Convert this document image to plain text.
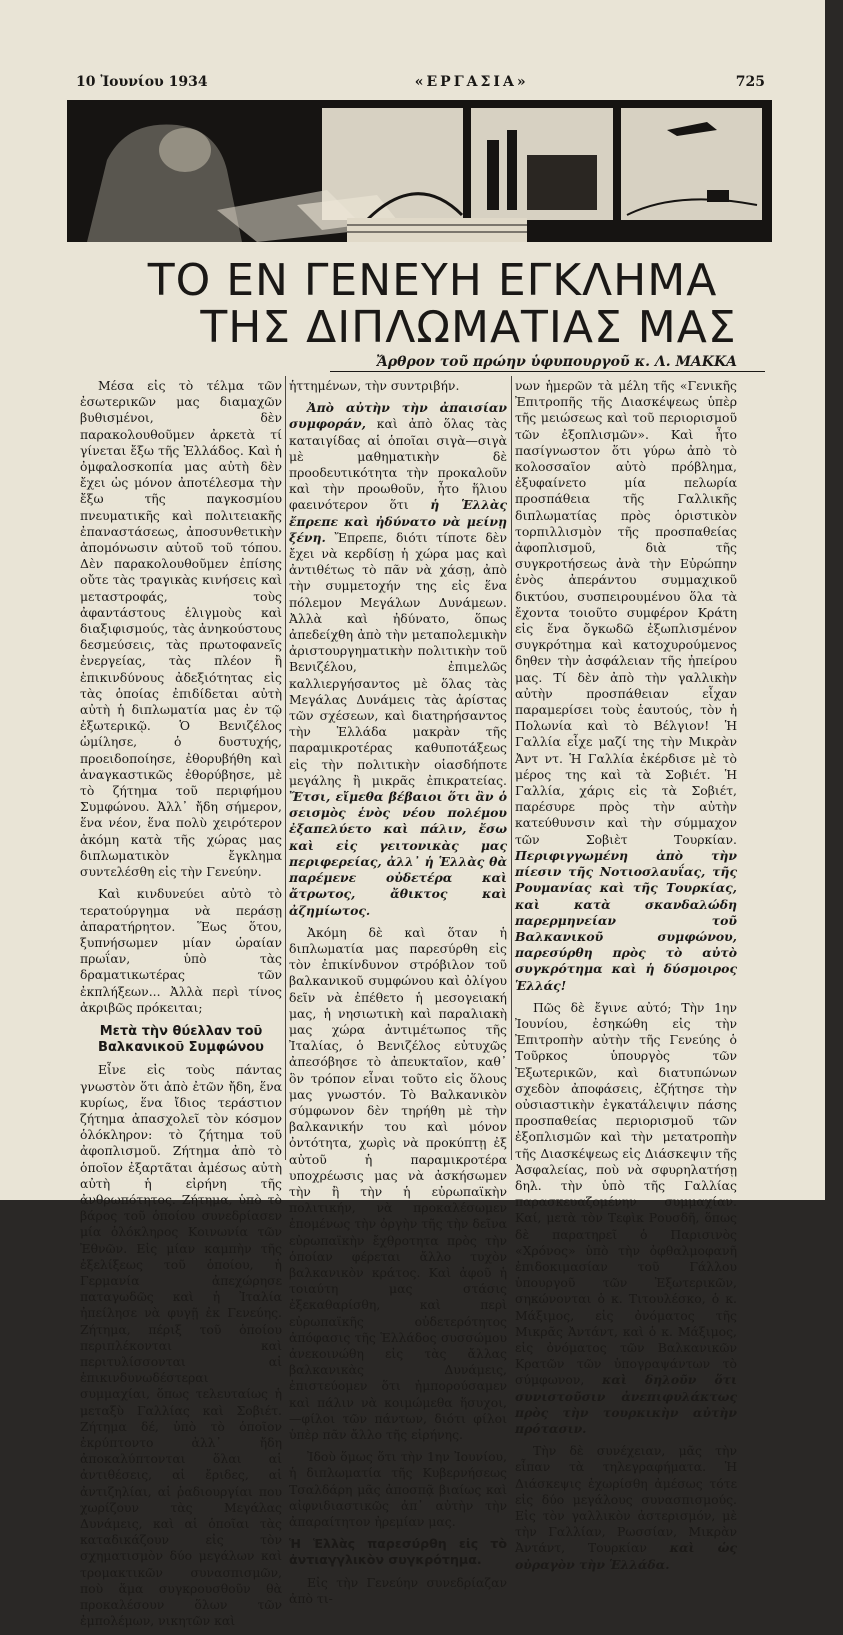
10 Ἰουνίου 1934	«ΕΡΓΑΣΙΑ»	725
ΤΟ ΕΝ ΓΕΝΕΥΗ ΕΓΚΛΗΜΑ
ΤΗΣ ΔΙΠΛΩΜΑΤΙΑΣ ΜΑΣ
Ἄρθρον τοῦ πρώην ὑφυπουργοῦ κ. Λ. ΜΑΚΚΑ

Μέσα εἰς τὸ τέλμα τῶν ἐσωτερικῶν μας διαμαχῶν βυθισμένοι, δὲν παρακολουθοῦμεν ἀρκετὰ τί γίνεται ἔξω τῆς Ἑλλάδος. Καὶ ἡ ὀμφαλοσκοπία μας αὐτὴ δὲν ἔχει ὡς μόνον ἀποτέλεσμα τὴν ἔξω τῆς παγκοσμίου πνευματικῆς καὶ πολιτειακῆς ἐπαναστάσεως, ἀποσυνθετικὴν ἀπομόνωσιν αὐτοῦ τοῦ τόπου. Δὲν παρακολουθοῦμεν ἐπίσης οὔτε τὰς τραγικὰς κινήσεις καὶ μεταστροφάς, τοὺς ἀφαντάστους ἑλιγμοὺς καὶ διαξιφισμούς, τὰς ἀνηκούστους δεσμεύσεις, τὰς πρωτοφανεῖς ἐνεργείας, τὰς πλέον ἢ ἐπικινδύνους ἀδεξιότητας εἰς τὰς ὁποίας ἐπιδίδεται αὐτὴ αὐτὴ ἡ διπλωματία μας ἐν τῷ ἐξωτερικῷ. Ὁ Βενιζέλος ὡμίλησε, ὁ δυστυχής, προειδοποίησε, ἐθορυβήθη καὶ ἀναγκαστικῶς ἐθορύβησε, μὲ τὸ ζήτημα τοῦ περιφήμου Συμφώνου. Ἀλλ᾽ ἤδη σήμερον, ἕνα νέον, ἕνα πολὺ χειρότερον ἀκόμη κατὰ τῆς χώρας μας διπλωματικὸν ἔγκλημα συντελέσθη εἰς τὴν Γενεύην.

Καὶ κινδυνεύει αὐτὸ τὸ τερατούργημα νὰ περάσῃ ἀπαρατήρητον. Ἕως ὅτου, ξυπνήσωμεν μίαν ὡραίαν πρωΐαν, ὑπὸ τὰς δραματικωτέρας τῶν ἐκπλήξεων... Ἀλλὰ περὶ τίνος ἀκριβῶς πρόκειται;

Μετὰ τὴν θύελλαν τοῦ Βαλκανικοῦ Συμφώνου

Εἶνε εἰς τοὺς πάντας γνωστὸν ὅτι ἀπὸ ἐτῶν ἤδη, ἕνα κυρίως, ἕνα ἴδιος τεράστιον ζήτημα ἀπασχολεῖ τὸν κόσμον ὁλόκληρον: τὸ ζήτημα τοῦ ἀφοπλισμοῦ. Ζήτημα ἀπὸ τὸ ὁποῖον ἐξαρτᾶται ἀμέσως αὐτὴ αὐτὴ ἡ εἰρήνη τῆς ἀνθρωπότητος. Ζήτημα, ὑπὸ τὸ βάρος τοῦ ὁποίου συνεδρίασεν μία ὁλόκληρος Κοινωνία τῶν Ἐθνῶν. Εἰς μίαν καμπὴν τῆς ἐξελίξεως τοῦ ὁποίου, ἡ Γερμανία ἀπεχώρησε παταγωδῶς καὶ ἡ Ἰταλία ἠπείλησε νὰ φυγῇ ἐκ Γενεύης. Ζήτημα, πέριξ τοῦ ὁποίου περιπλέκονται καὶ περιτυλίσσονται αἱ ἐπικινδυνωδέστεραι συμμαχίαι, ὅπως τελευταίως ἡ μεταξὺ Γαλλίας καὶ Σοβιέτ. Ζήτημα δέ, ὑπὸ τὸ ὁποῖον ἐκρύπτοντο ἀλλ᾽ ἤδη ἀποκαλύπτονται ὅλαι αἱ ἀντιθέσεις, αἱ ἔριδες, αἱ ἀντιζηλίαι, αἱ ῥαδιουργίαι που χωρίζουν τὰς Μεγάλας Δυνάμεις, καὶ αἱ ὁποῖαι τὰς καταδικάζουν εἰς τὸν σχηματισμὸν δύο μεγάλων καὶ τρομακτικῶν συνασπισμῶν, ποὺ ἅμα συγκρουσθοῦν θὰ προκαλέσουν ὅλων τῶν ἐμπολέμων, νικητῶν καὶ

ἡττημένων, τὴν συντριβήν.

Ἀπὸ αὐτὴν τὴν ἀπαισίαν συμφοράν, καὶ ἀπὸ ὅλας τὰς καταιγίδας αἱ ὁποῖαι σιγὰ—σιγὰ μὲ μαθηματικὴν δὲ προοδευτικότητα τὴν προκαλοῦν καὶ τὴν προωθοῦν, ἦτο ἥλιου φαεινότερον ὅτι ἡ Ἑλλὰς ἔπρεπε καὶ ἠδύνατο νὰ μείνῃ ξένη. Ἔπρεπε, διότι τίποτε δὲν ἔχει νὰ κερδίσῃ ἡ χώρα μας καὶ ἀντιθέτως τὸ πᾶν νὰ χάσῃ, ἀπὸ τὴν συμμετοχήν της εἰς ἕνα πόλεμον Μεγάλων Δυνάμεων. Ἀλλὰ καὶ ἠδύνατο, ὅπως ἀπεδείχθη ἀπὸ τὴν μεταπολεμικὴν ἀριστουργηματικὴν πολιτικὴν τοῦ Βενιζέλου, ἐπιμελῶς καλλιεργήσαντος μὲ ὅλας τὰς Μεγάλας Δυνάμεις τὰς ἀρίστας τῶν σχέσεων, καὶ διατηρήσαντος τὴν Ἑλλάδα μακρὰν τῆς παραμικροτέρας καθυποτάξεως εἰς τὴν πολιτικὴν οἱασδήποτε μεγάλης ἢ μικρᾶς ἐπικρατείας. Ἔτσι, εἴμεθα βέβαιοι ὅτι ἂν ὁ σεισμὸς ἑνὸς νέου πολέμου ἐξαπελύετο καὶ πάλιν, ἔσω καὶ εἰς γειτονικὰς μας περιφερείας, ἀλλ᾽ ἡ Ἑλλὰς θὰ παρέμενε οὐδετέρα καὶ ἄτρωτος, ἄθικτος καὶ ἀζημίωτος.

Ἀκόμη δὲ καὶ ὅταν ἡ διπλωματία μας παρεσύρθη εἰς τὸν ἐπικίνδυνον στρόβιλον τοῦ βαλκανικοῦ συμφώνου καὶ ὀλίγου δεῖν νὰ ἐπέθετο ἡ μεσογειακή μας, ἡ νησιωτικὴ καὶ παραλιακὴ μας χώρα ἀντιμέτωπος τῆς Ἰταλίας, ὁ Βενιζέλος εὐτυχῶς ἀπεσόβησε τὸ ἀπευκταῖον, καθ᾽ ὃν τρόπον εἶναι τοῦτο εἰς ὅλους μας γνωστόν. Τὸ Βαλκανικὸν σύμφωνον δὲν τηρήθη μὲ τὴν βαλκανικήν του καὶ μόνον ὀντότητα, χωρὶς νὰ προκύπτῃ ἐξ αὐτοῦ ἡ παραμικροτέρα υποχρέωσις μας νὰ ἀσκήσωμεν τὴν ἢ τὴν ἡ εὐρωπαϊκὴν πολιτικήν, νὰ προκαλέσωμεν ἐπομένως τὴν ὀργὴν τῆς τὴν δεῖνα εὐρωπαϊκὴν ἔχθροτητα πρὸς τὴν ὁποίαν φέρεται ἄλλο τυχὸν βαλκανικὸν κράτος. Καὶ ἀφοῦ ἡ τοιαύτη μας στάσις ἐξεκαθαρίσθη, καὶ περὶ εὐρωπαϊκῆς οὐδετερότητος ἀπόφασις τῆς Ἑλλάδος συσσώμου ἀνεκοινώθη εἰς τὰς ἄλλας βαλκανικὰς Δυνάμεις, ἐπιστεύομεν ὅτι ἠμπορούσαμεν καὶ πάλιν νὰ κοιμώμεθα ἥσυχοι, —φίλοι τῶν πάντων, διότι φίλοι ὑπὲρ πᾶν ἄλλο τῆς εἰρήνης.

Ἰδοὺ ὅμως ὅτι τὴν 1ην Ἰουνίου, ἡ διπλωματία τῆς Κυβερνήσεως Τσαλδάρη μᾶς ἀποσπᾷ βιαίως καὶ αἰφνιδιαστικῶς ἀπ᾽ αὐτὴν τὴν ἀπαραίτητον ἠρεμίαν μας.

Ἡ Ἑλλὰς παρεσύρθη εἰς τὸ ἀντιαγγλικὸν συγκρότημα.

Εἰς τὴν Γενεύην συνεδρίαζαν ἀπὸ τι-

νων ἡμερῶν τὰ μέλη τῆς «Γενικῆς Ἐπιτροπῆς τῆς Διασκέψεως ὑπὲρ τῆς μειώσεως καὶ τοῦ περιορισμοῦ τῶν ἐξοπλισμῶν». Καὶ ἦτο πασίγνωστον ὅτι γύρω ἀπὸ τὸ κολοσσαῖον αὐτὸ πρόβλημα, ἐξυφαίνετο μία πελωρία προσπάθεια τῆς Γαλλικῆς διπλωματίας πρὸς ὁριστικὸν τορπιλλισμὸν τῆς προσπαθείας ἀφοπλισμοῦ, διὰ τῆς συγκροτήσεως ἀνὰ τὴν Εὐρώπην ἑνὸς ἀπεράντου συμμαχικοῦ δικτύου, συσπειρουμένου ὅλα τὰ ἔχοντα τοιοῦτο συμφέρον Κράτη εἰς ἕνα ὄγκωδῶ ἐξωπλισμένον συγκρότημα καὶ κατοχυρούμενος δηθεν τὴν ἀσφάλειαν τῆς ἠπείρου μας. Τί δὲν ἀπὸ τὴν γαλλικὴν αὐτὴν προσπάθειαν εἶχαν παραμερίσει τοὺς ἑαυτούς, τὸν ἡ Πολωνία καὶ τὸ Βέλγιον! Ἡ Γαλλία εἶχε μαζί της τὴν Μικρὰν Ἀντ ντ. Ἡ Γαλλία ἐκέρδισε μὲ τὸ μέρος της καὶ τὰ Σοβιέτ. Ἡ Γαλλία, χάρις εἰς τὰ Σοβιέτ, παρέσυρε πρὸς τὴν αὐτὴν κατεύθυνσιν καὶ τὴν σύμμαχον τῶν Σοβιὲτ Τουρκίαν. Περιφιγγωμένη ἀπὸ τὴν πίεσιν τῆς Νοτιοσλαυΐας, τῆς Ρουμανίας καὶ τῆς Τουρκίας, καὶ κατὰ σκανδαλώδη παρερμηνείαν τοῦ Βαλκανικοῦ συμφώνου, παρεσύρθη πρὸς τὸ αὐτὸ συγκρότημα καὶ ἡ δύσμοιρος Ἑλλάς!

Πῶς δὲ ἔγινε αὐτό; Τὴν 1ην Ἰουνίου, ἐσηκώθη εἰς τὴν Ἐπιτροπὴν αὐτὴν τῆς Γενεύης ὁ Τοῦρκος ὑπουργὸς τῶν Ἐξωτερικῶν, καὶ διατυπώνων σχεδὸν ἀποφάσεις, ἐζήτησε τὴν οὐσιαστικὴν ἐγκατάλειψιν πάσης προσπαθείας περιορισμοῦ τῶν ἐξοπλισμῶν καὶ τὴν μετατροπὴν τῆς Διασκέψεως εἰς Διάσκεψιν τῆς Ἀσφαλείας, ποὺ νὰ σφυρηλατήσῃ δηλ. τὴν ὑπὸ τῆς Γαλλίας παρασκευαζομένην συμμαχίαν. Καί, μετὰ τὸν Τεφὶκ Ρουσδῆ, ὅπως δὲ παρατηρεῖ ὁ Παρισινὸς «Χρόνος» ὑπὸ τὴν ὀφθαλμοφανῆ ἐπιδοκιμασίαν τοῦ Γάλλου ὑπουργοῦ τῶν Ἐξωτερικῶν, σηκώνονται ὁ κ. Τιτουλέσκο, ὁ κ. Μάξιμος, εἰς ὀνόματος τῆς Μικρᾶς Ἀντάντ, καὶ ὁ κ. Μάξιμος, εἰς ὀνόματος τῶν Βαλκανικῶν Κρατῶν τῶν ὑπογραψάντων τὸ σύμφωνον, καὶ δηλοῦν ὅτι συνιστοῦσιν ἀνεπιφυλάκτως πρὸς τὴν τουρκικὴν αὐτὴν πρότασιν.

Τὴν δὲ συνέχειαν, μᾶς τὴν εἶπαν τὰ τηλεγραφήματα. Ἡ Διάσκεψις ἐχωρίσθη ἀμέσως τότε εἰς δύο μεγάλους συνασπισμούς. Εἰς τὸν γαλλικὸν ἀστερισμόν, μὲ τὴν Γαλλίαν, Ρωσσίαν, Μικρὰν Ἀντάντ, Τουρκίαν καὶ ὡς οὐραγὸν τὴν Ἑλλάδα.
